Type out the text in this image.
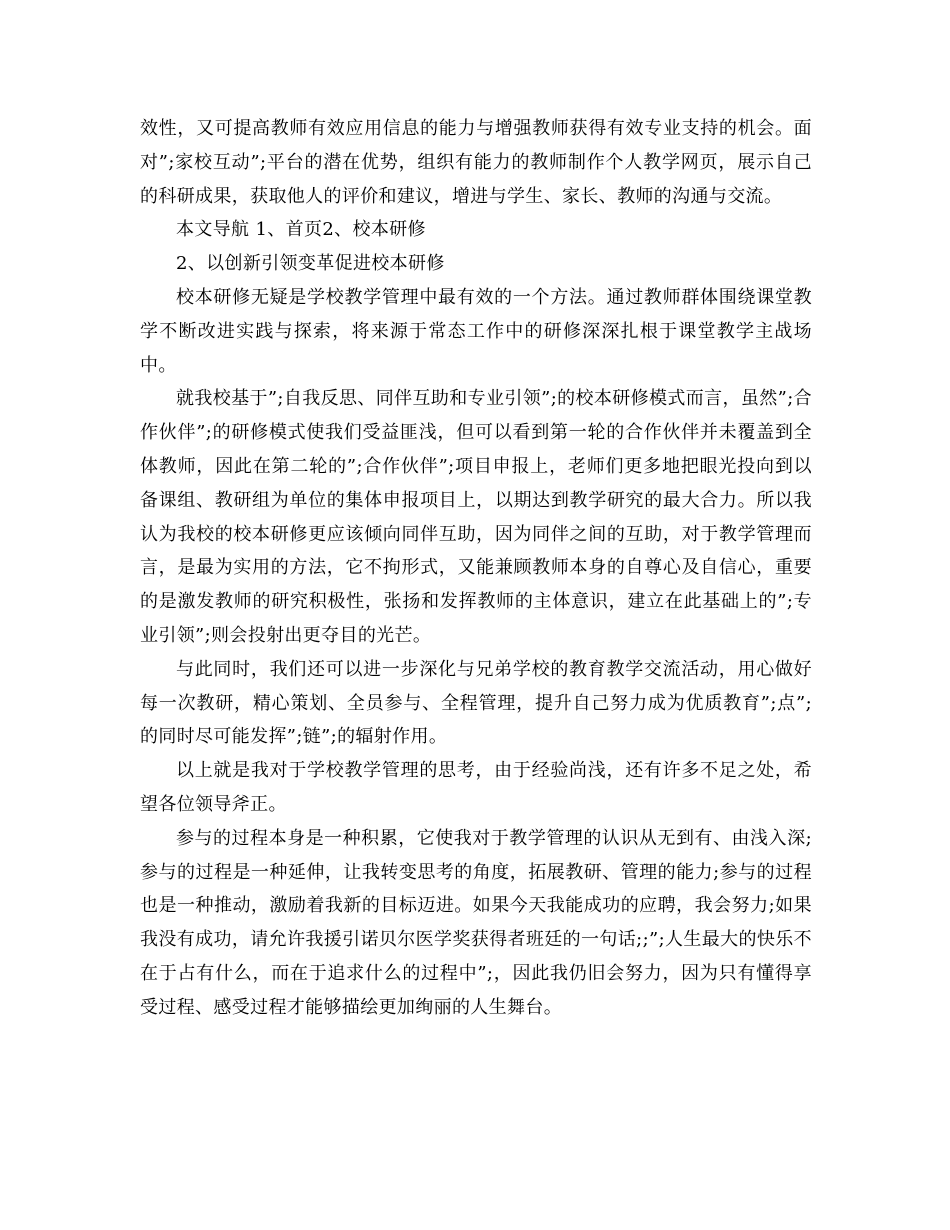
效性，又可提高教师有效应用信息的能力与增强教师获得有效专业支持的机会。面对”;家校互动”;平台的潜在优势，组织有能力的教师制作个人教学网页，展示自己的科研成果，获取他人的评价和建议，增进与学生、家长、教师的沟通与交流。

本文导航 1、首页2、校本研修

2、以创新引领变革促进校本研修

校本研修无疑是学校教学管理中最有效的一个方法。通过教师群体围绕课堂教学不断改进实践与探索，将来源于常态工作中的研修深深扎根于课堂教学主战场中。

就我校基于”;自我反思、同伴互助和专业引领”;的校本研修模式而言，虽然”;合作伙伴”;的研修模式使我们受益匪浅，但可以看到第一轮的合作伙伴并未覆盖到全体教师，因此在第二轮的”;合作伙伴”;项目申报上，老师们更多地把眼光投向到以备课组、教研组为单位的集体申报项目上，以期达到教学研究的最大合力。所以我认为我校的校本研修更应该倾向同伴互助，因为同伴之间的互助，对于教学管理而言，是最为实用的方法，它不拘形式，又能兼顾教师本身的自尊心及自信心，重要的是激发教师的研究积极性，张扬和发挥教师的主体意识，建立在此基础上的”;专业引领”;则会投射出更夺目的光芒。

与此同时，我们还可以进一步深化与兄弟学校的教育教学交流活动，用心做好每一次教研，精心策划、全员参与、全程管理，提升自己努力成为优质教育”;点”;的同时尽可能发挥”;链”;的辐射作用。

以上就是我对于学校教学管理的思考，由于经验尚浅，还有许多不足之处，希望各位领导斧正。

参与的过程本身是一种积累，它使我对于教学管理的认识从无到有、由浅入深;参与的过程是一种延伸，让我转变思考的角度，拓展教研、管理的能力;参与的过程也是一种推动，激励着我新的目标迈进。如果今天我能成功的应聘，我会努力;如果我没有成功，请允许我援引诺贝尔医学奖获得者班廷的一句话;;”;人生最大的快乐不在于占有什么，而在于追求什么的过程中”;，因此我仍旧会努力，因为只有懂得享受过程、感受过程才能够描绘更加绚丽的人生舞台。
